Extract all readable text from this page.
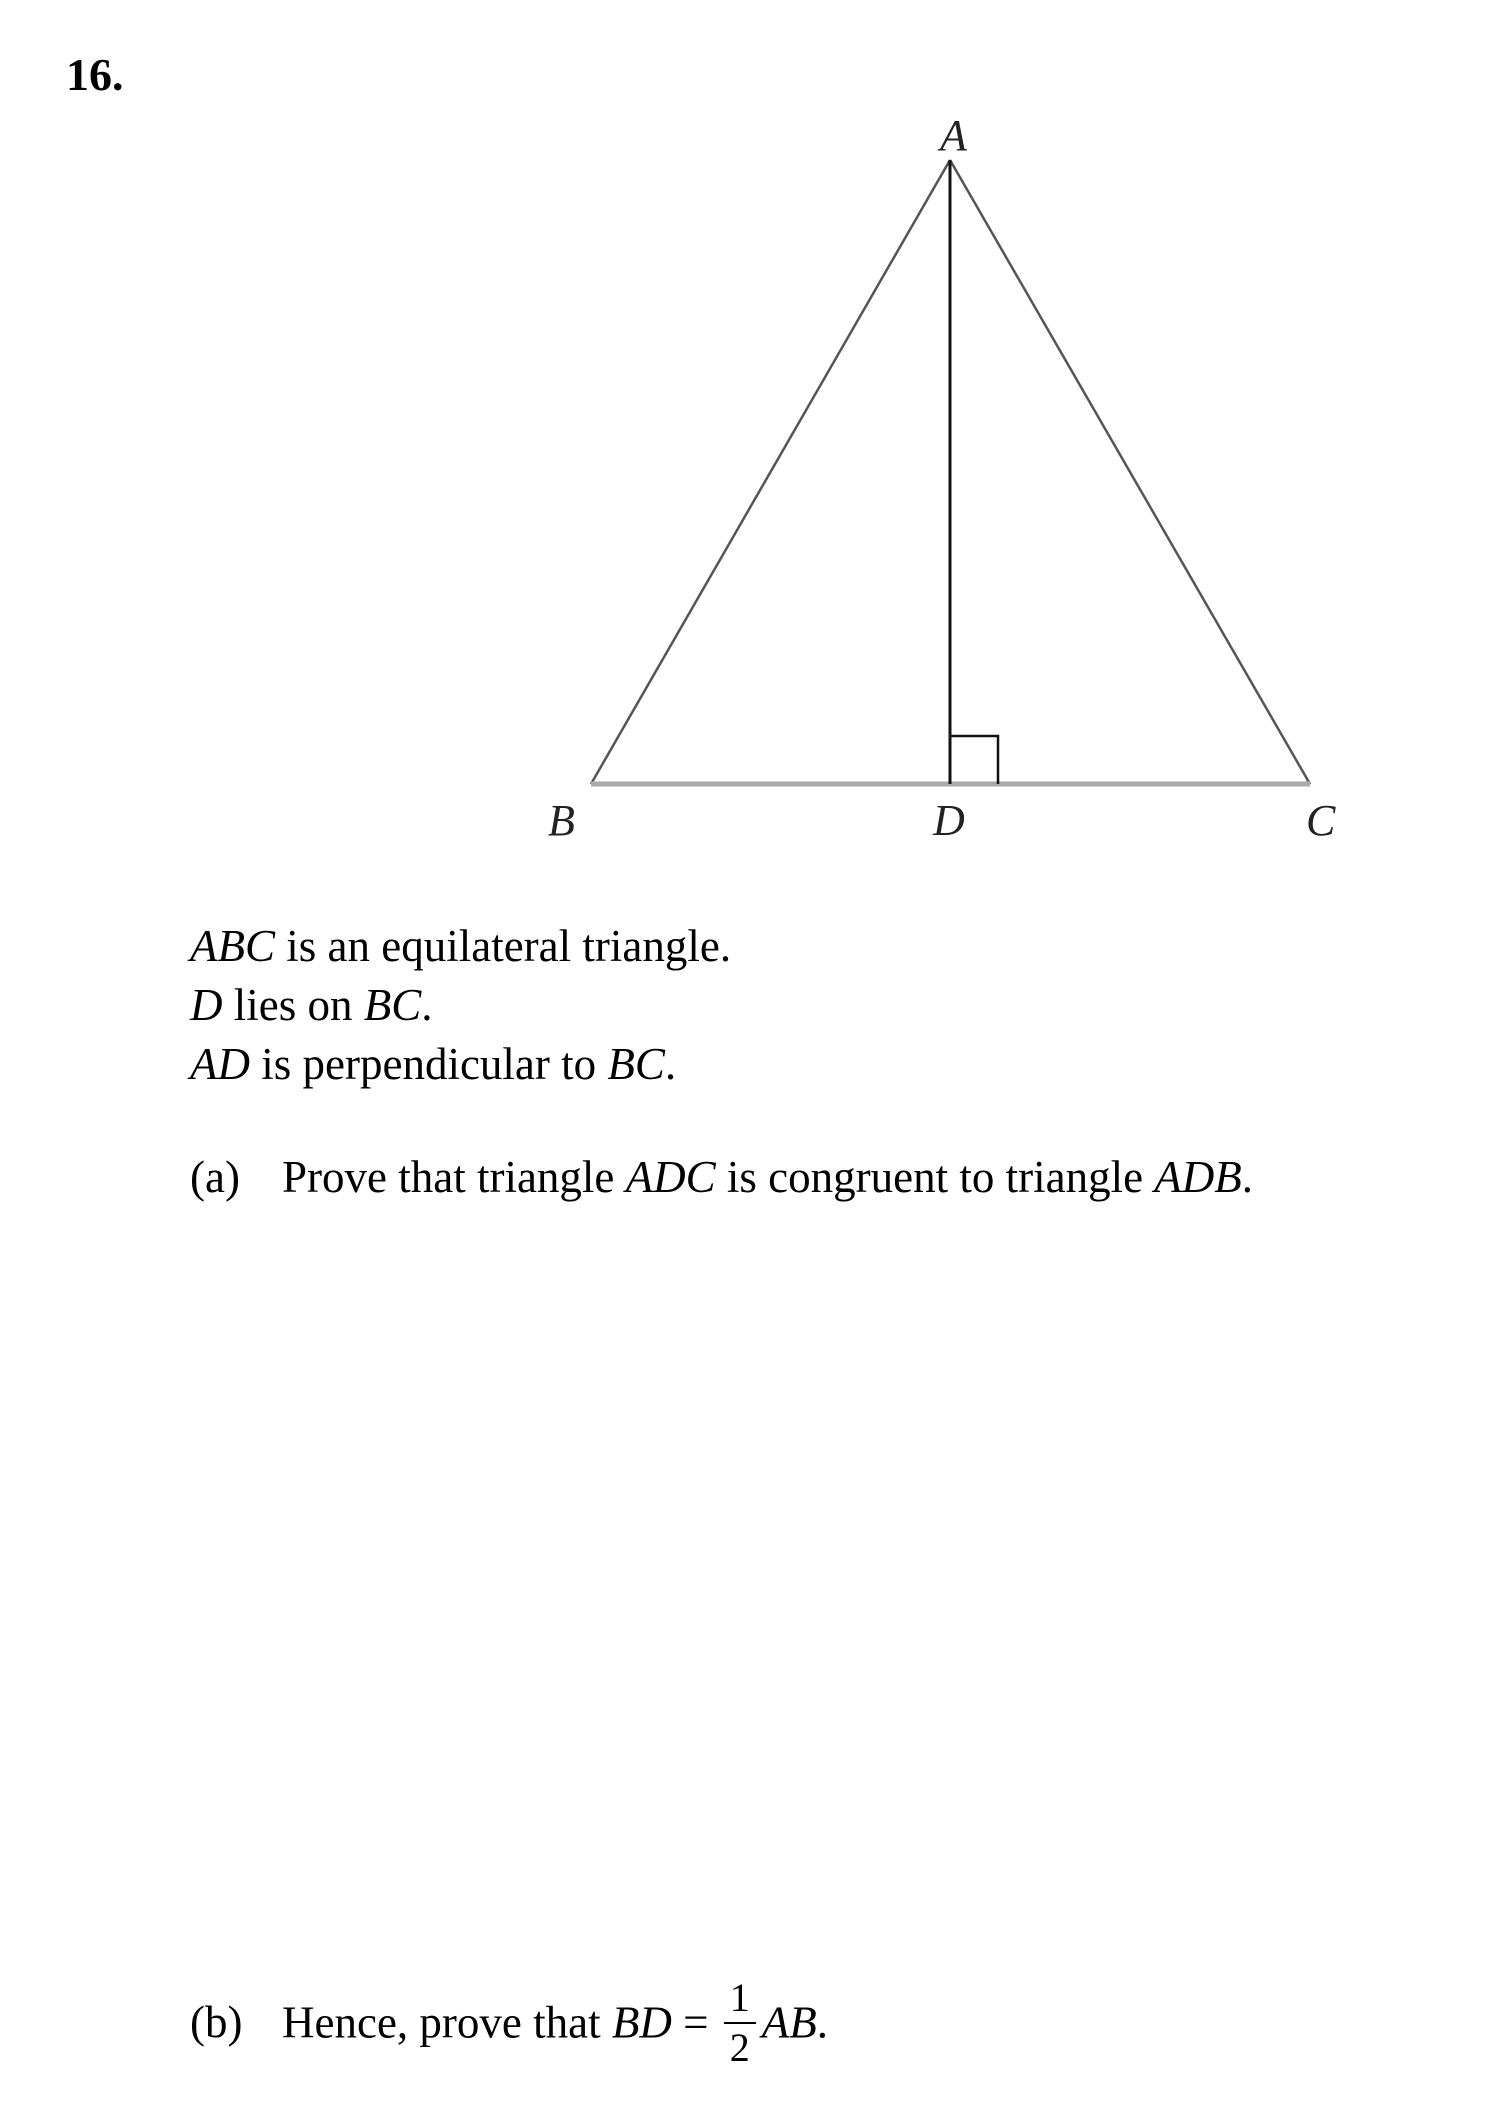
16.
A
B	D	C
ABC is an equilateral triangle.
D lies on BC.
AD is perpendicular to BC.
(a) Prove that triangle ADC is congruent to triangle ADB.
(b) Hence, prove that BD = $\frac{1}{2}$ AB.
